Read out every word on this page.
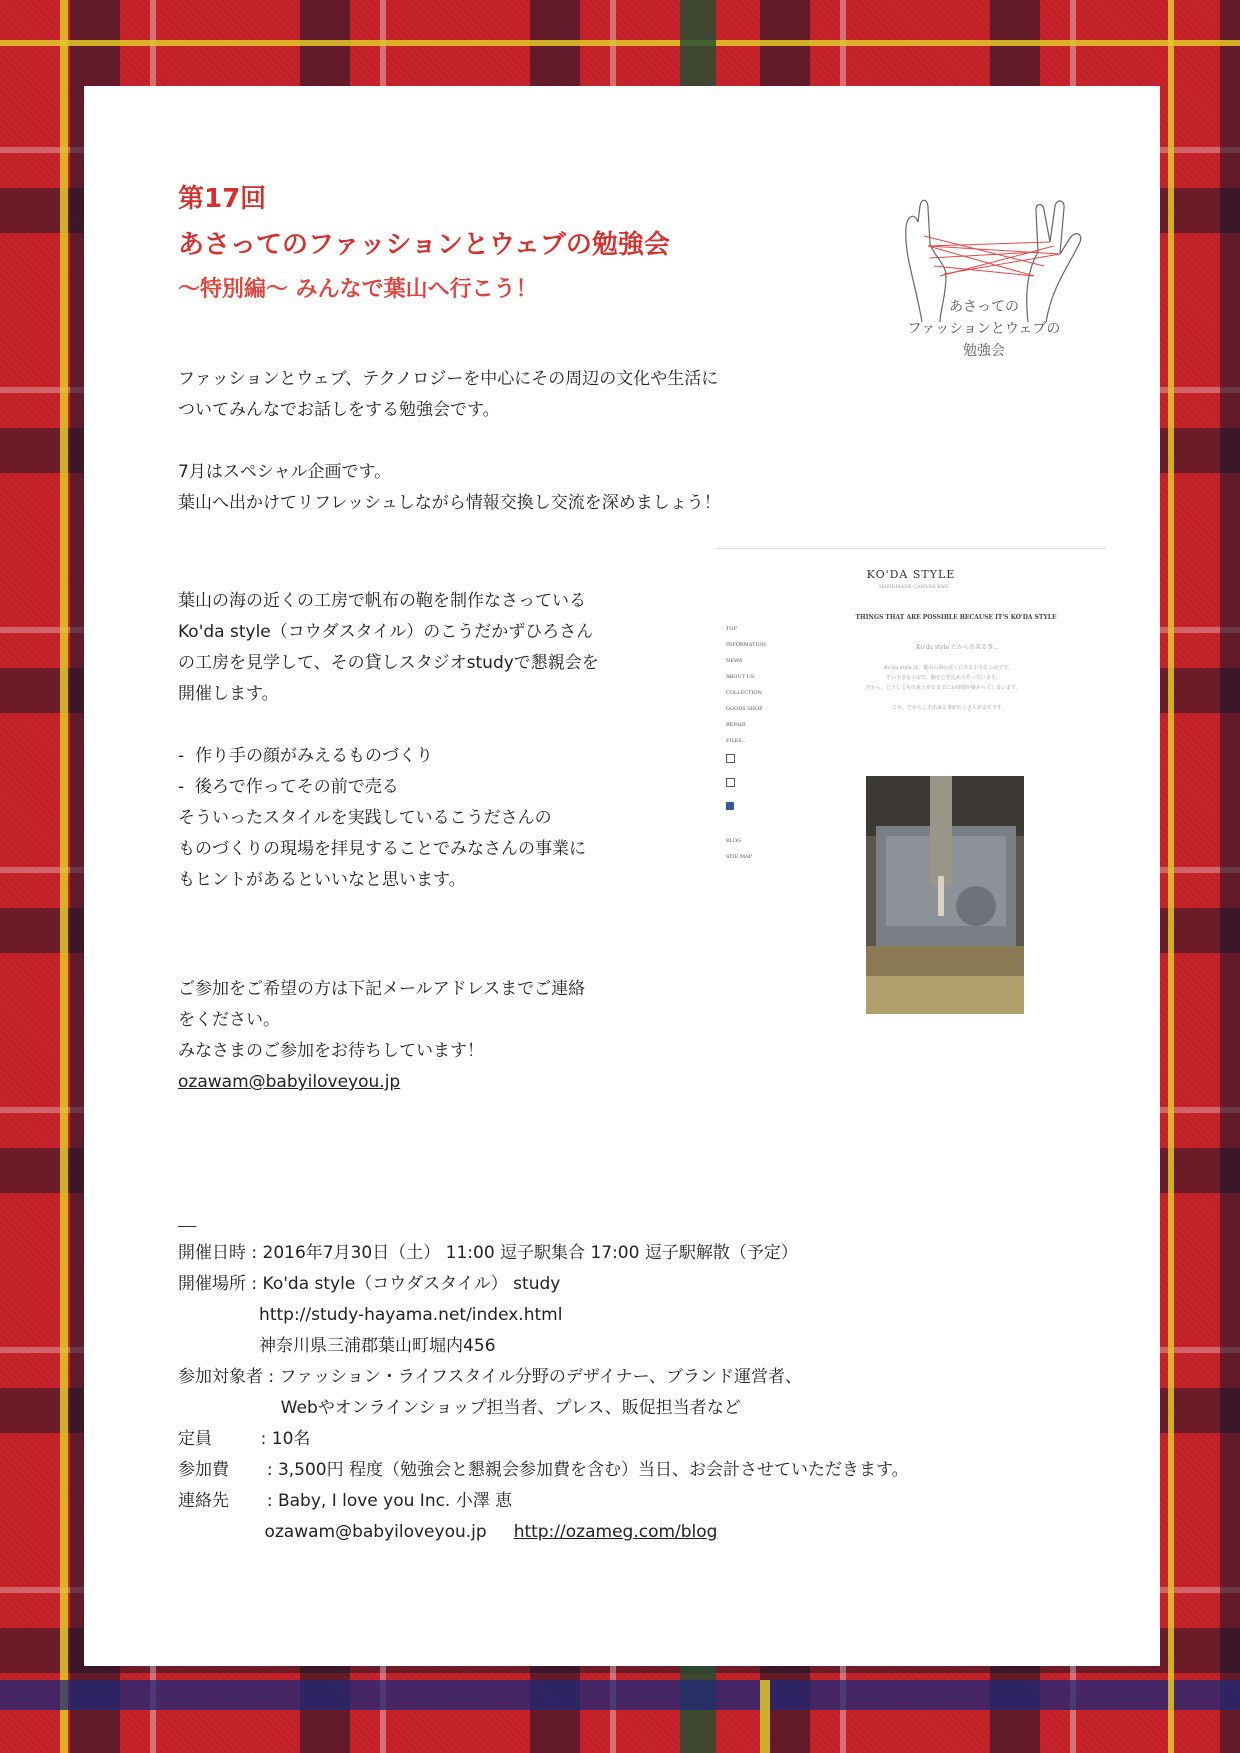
第17回
あさってのファッションとウェブの勉強会
〜特別編〜 みんなで葉山へ行こう！
あさっての
ファッションとウェブの
勉強会
ファッションとウェブ、テクノロジーを中心にその周辺の文化や生活に
ついてみんなでお話しをする勉強会です。

7月はスペシャル企画です。
葉山へ出かけてリフレッシュしながら情報交換し交流を深めましょう！
葉山の海の近くの工房で帆布の鞄を制作なさっている
Ko'da style（コウダスタイル）のこうだかずひろさん
の工房を見学して、その貸しスタジオstudyで懇親会を
開催します。

-  作り手の顔がみえるものづくり
-  後ろで作ってその前で売る
そういったスタイルを実践しているこうださんの
ものづくりの現場を拝見することでみなさんの事業に
もヒントがあるといいなと思います。
ご参加をご希望の方は下記メールアドレスまでご連絡
をください。
みなさまのご参加をお待ちしています！
ozawam@babyiloveyou.jp
開催日時 : 2016年7月30日（土） 11:00 逗子駅集合 17:00 逗子駅解散（予定）
開催場所 : Ko'da style（コウダスタイル） study
http://study-hayama.net/index.html
神奈川県三浦郡葉山町堀内456
参加対象者 : ファッション・ライフスタイル分野のデザイナー、ブランド運営者、
Webやオンラインショップ担当者、プレス、販促担当者など
定員         : 10名
参加費       : 3,500円 程度（勉強会と懇親会参加費を含む）当日、お会計させていただきます。
連絡先       : Baby, I love you Inc. 小澤 恵
ozawam@babyiloveyou.jp     http://ozameg.com/blog
KO'DA STYLE
HANDMADE CANVAS BAG
THINGS THAT ARE POSSIBLE BECAUSE IT'S KO'DA STYLE
Ko'da style だから出来る事…
Ko'da style は、葉山の海の近くにある小さな工房です。
その小さな工房で、鞄を心を込めて作っています。
だから、どうしても出来上がるまでにお時間が掛かってしまいます。
でも、だからこそ出来る事がたくさんあるんです。
TOP
INFORMATION
NEWS
ABOUT US
COLLECTION
GOODS SHOP
REPAIR
FILES...
BLOG
SITE MAP
